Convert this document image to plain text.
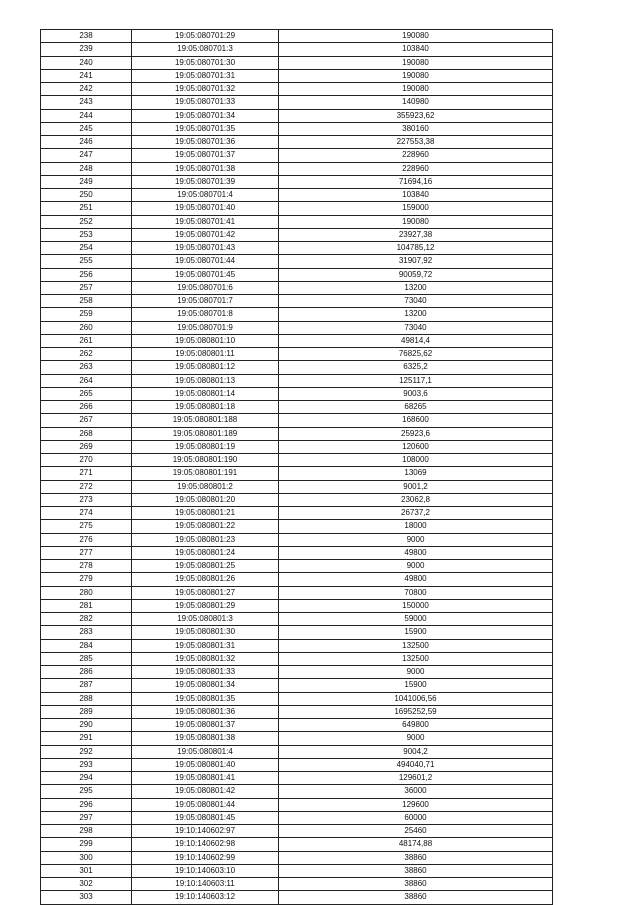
238	19:05:080701:29	190080
239	19:05:080701:3	103840
240	19:05:080701:30	190080
241	19:05:080701:31	190080
242	19:05:080701:32	190080
243	19:05:080701:33	140980
244	19:05:080701:34	355923,62
245	19:05:080701:35	380160
246	19:05:080701:36	227553,38
247	19:05:080701:37	228960
248	19:05:080701:38	228960
249	19:05:080701:39	71694,16
250	19:05:080701:4	103840
251	19:05:080701:40	159000
252	19:05:080701:41	190080
253	19:05:080701:42	23927,38
254	19:05:080701:43	104785,12
255	19:05:080701:44	31907,92
256	19:05:080701:45	90059,72
257	19:05:080701:6	13200
258	19:05:080701:7	73040
259	19:05:080701:8	13200
260	19:05:080701:9	73040
261	19:05:080801:10	49814,4
262	19:05:080801:11	76825,62
263	19:05:080801:12	6325,2
264	19:05:080801:13	125117,1
265	19:05:080801:14	9003,6
266	19:05:080801:18	68265
267	19:05:080801:188	168600
268	19:05:080801:189	25923,6
269	19:05:080801:19	120600
270	19:05:080801:190	108000
271	19:05:080801:191	13069
272	19:05:080801:2	9001,2
273	19:05:080801:20	23062,8
274	19:05:080801:21	26737,2
275	19:05:080801:22	18000
276	19:05:080801:23	9000
277	19:05:080801:24	49800
278	19:05:080801:25	9000
279	19:05:080801:26	49800
280	19:05:080801:27	70800
281	19:05:080801:29	150000
282	19:05:080801:3	59000
283	19:05:080801:30	15900
284	19:05:080801:31	132500
285	19:05:080801:32	132500
286	19:05:080801:33	9000
287	19:05:080801:34	15900
288	19:05:080801:35	1041006,56
289	19:05:080801:36	1695252,59
290	19:05:080801:37	649800
291	19:05:080801:38	9000
292	19:05:080801:4	9004,2
293	19:05:080801:40	494040,71
294	19:05:080801:41	129601,2
295	19:05:080801:42	36000
296	19:05:080801:44	129600
297	19:05:080801:45	60000
298	19:10:140602:97	25460
299	19:10:140602:98	48174,88
300	19:10:140602:99	38860
301	19:10:140603:10	38860
302	19:10:140603:11	38860
303	19:10:140603:12	38860
